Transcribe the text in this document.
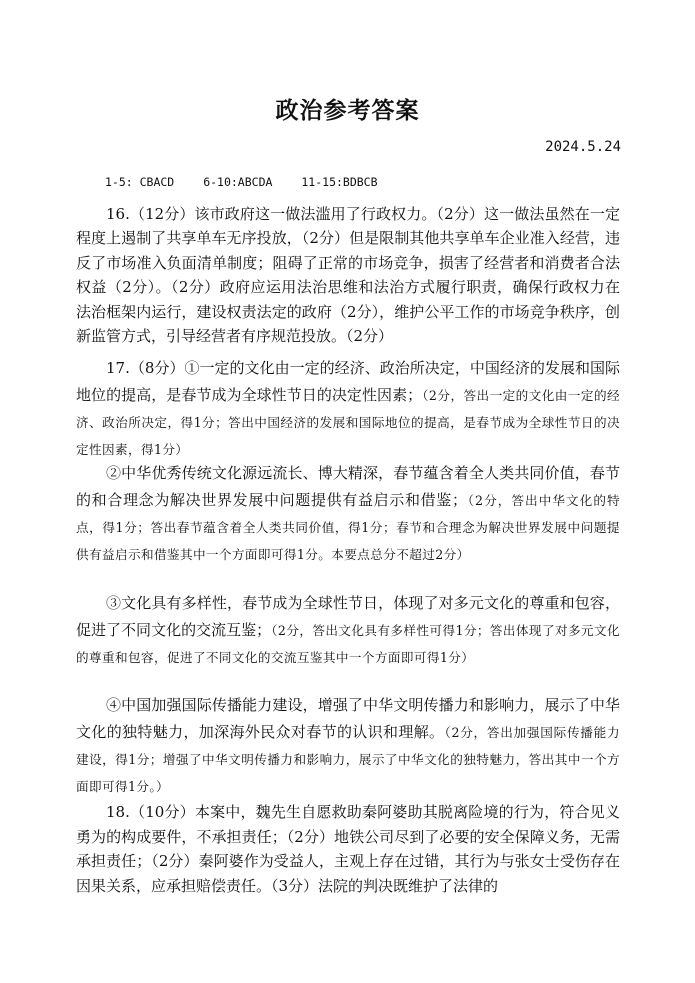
政治参考答案
2024.5.24
1-5: CBACD	6-10:ABCDA	11-15:BDBCB

16.（12分）该市政府这一做法滥用了行政权力。（2分）这一做法虽然在一定程度上遏制了共享单车无序投放，（2分）但是限制其他共享单车企业准入经营，违反了市场准入负面清单制度；阻碍了正常的市场竞争，损害了经营者和消费者合法权益（2分）。（2分）政府应运用法治思维和法治方式履行职责，确保行政权力在法治框架内运行，建设权责法定的政府（2分），维护公平工作的市场竞争秩序，创新监管方式，引导经营者有序规范投放。（2分）

17.（8分）①一定的文化由一定的经济、政治所决定，中国经济的发展和国际地位的提高，是春节成为全球性节日的决定性因素；（2分，答出一定的文化由一定的经济、政治所决定，得1分；答出中国经济的发展和国际地位的提高，是春节成为全球性节日的决定性因素，得1分）

②中华优秀传统文化源远流长、博大精深，春节蕴含着全人类共同价值，春节的和合理念为解决世界发展中问题提供有益启示和借鉴；（2分，答出中华文化的特点，得1分；答出春节蕴含着全人类共同价值，得1分；春节和合理念为解决世界发展中问题提供有益启示和借鉴其中一个方面即可得1分。本要点总分不超过2分）

③文化具有多样性，春节成为全球性节日，体现了对多元文化的尊重和包容，促进了不同文化的交流互鉴；（2分，答出文化具有多样性可得1分；答出体现了对多元文化的尊重和包容，促进了不同文化的交流互鉴其中一个方面即可得1分）

④中国加强国际传播能力建设，增强了中华文明传播力和影响力，展示了中华文化的独特魅力，加深海外民众对春节的认识和理解。（2分，答出加强国际传播能力建设，得1分；增强了中华文明传播力和影响力，展示了中华文化的独特魅力，答出其中一个方面即可得1分。）

18.（10分）本案中，魏先生自愿救助秦阿婆助其脱离险境的行为，符合见义勇为的构成要件，不承担责任；（2分）地铁公司尽到了必要的安全保障义务，无需承担责任；（2分）秦阿婆作为受益人，主观上存在过错，其行为与张女士受伤存在因果关系，应承担赔偿责任。（3分）法院的判决既维护了法律的
